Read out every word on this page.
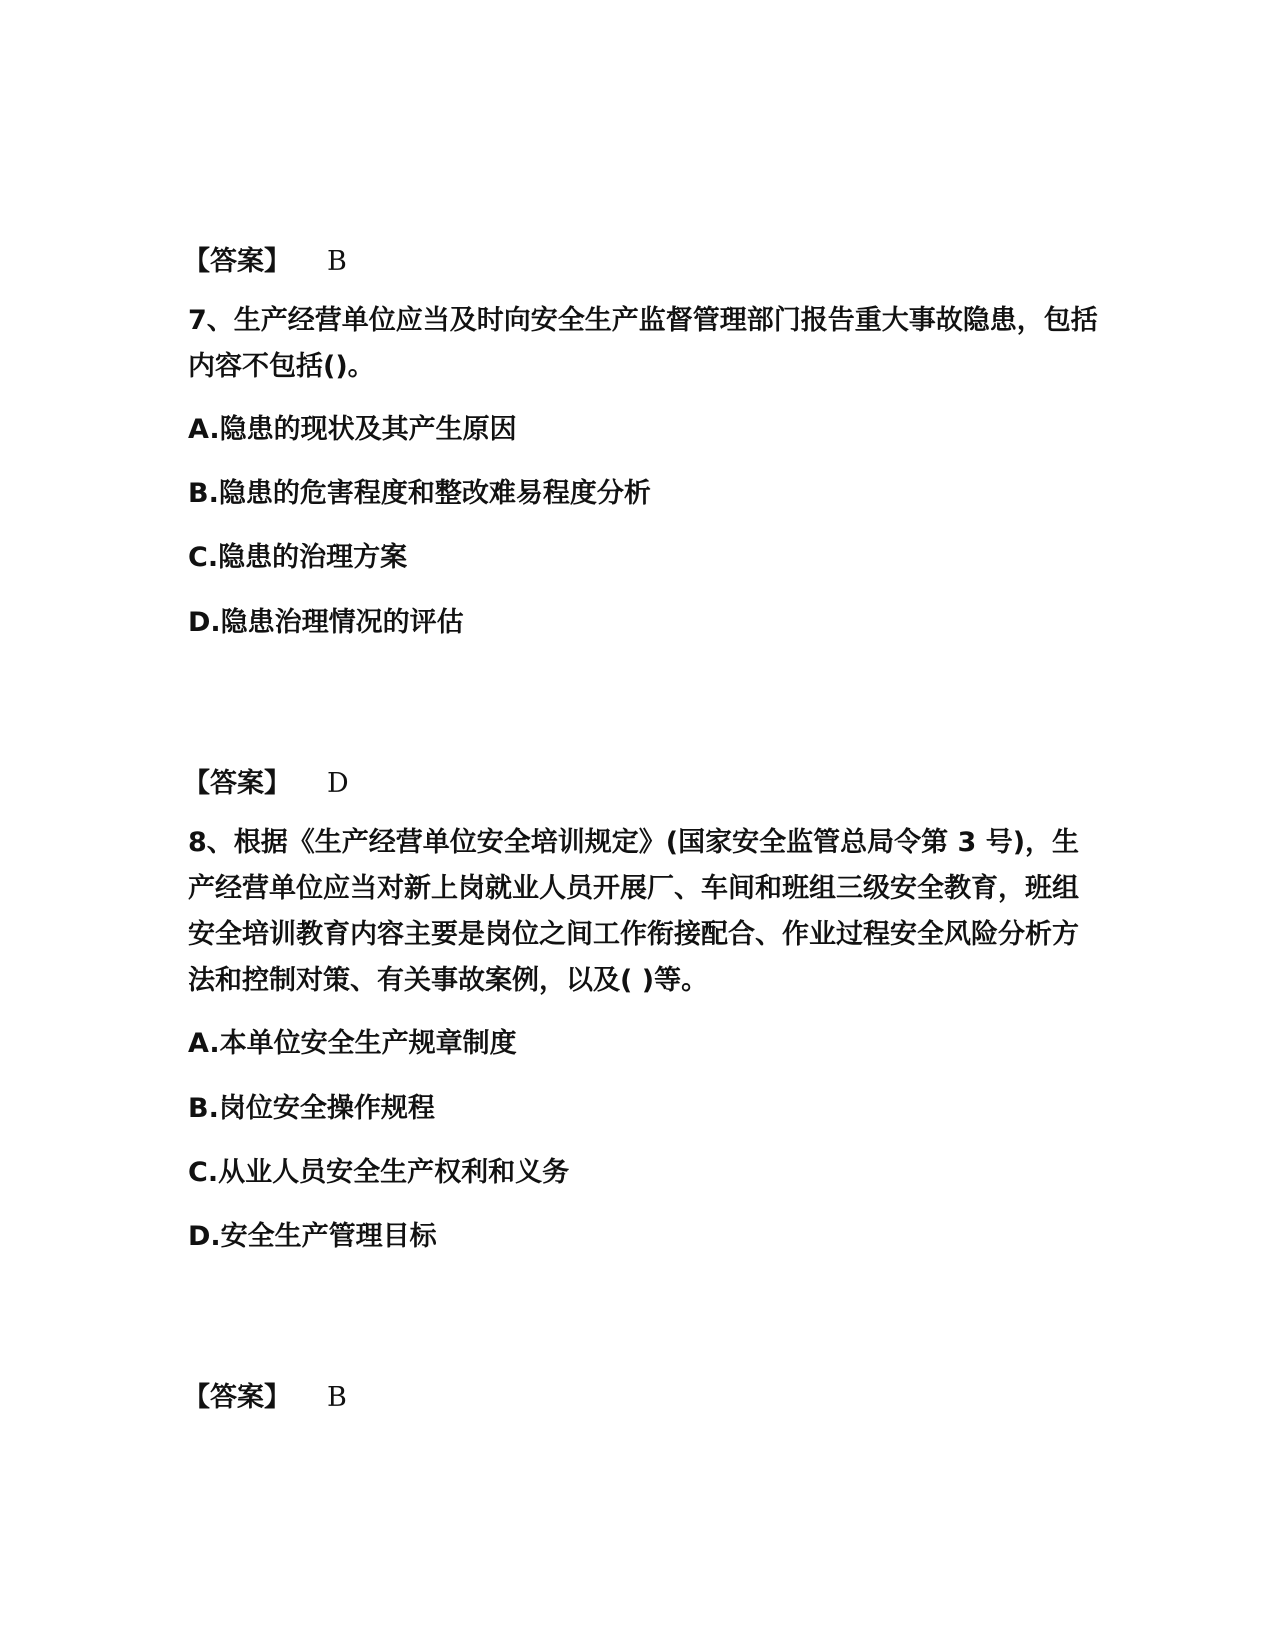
【答案】 B
7、生产经营单位应当及时向安全生产监督管理部门报告重大事故隐患，包括内容不包括()。
A.隐患的现状及其产生原因
B.隐患的危害程度和整改难易程度分析
C.隐患的治理方案
D.隐患治理情况的评估
【答案】 D
8、根据《生产经营单位安全培训规定》(国家安全监管总局令第 3 号)，生产经营单位应当对新上岗就业人员开展厂、车间和班组三级安全教育，班组安全培训教育内容主要是岗位之间工作衔接配合、作业过程安全风险分析方法和控制对策、有关事故案例，以及( )等。
A.本单位安全生产规章制度
B.岗位安全操作规程
C.从业人员安全生产权利和义务
D.安全生产管理目标
【答案】 B
